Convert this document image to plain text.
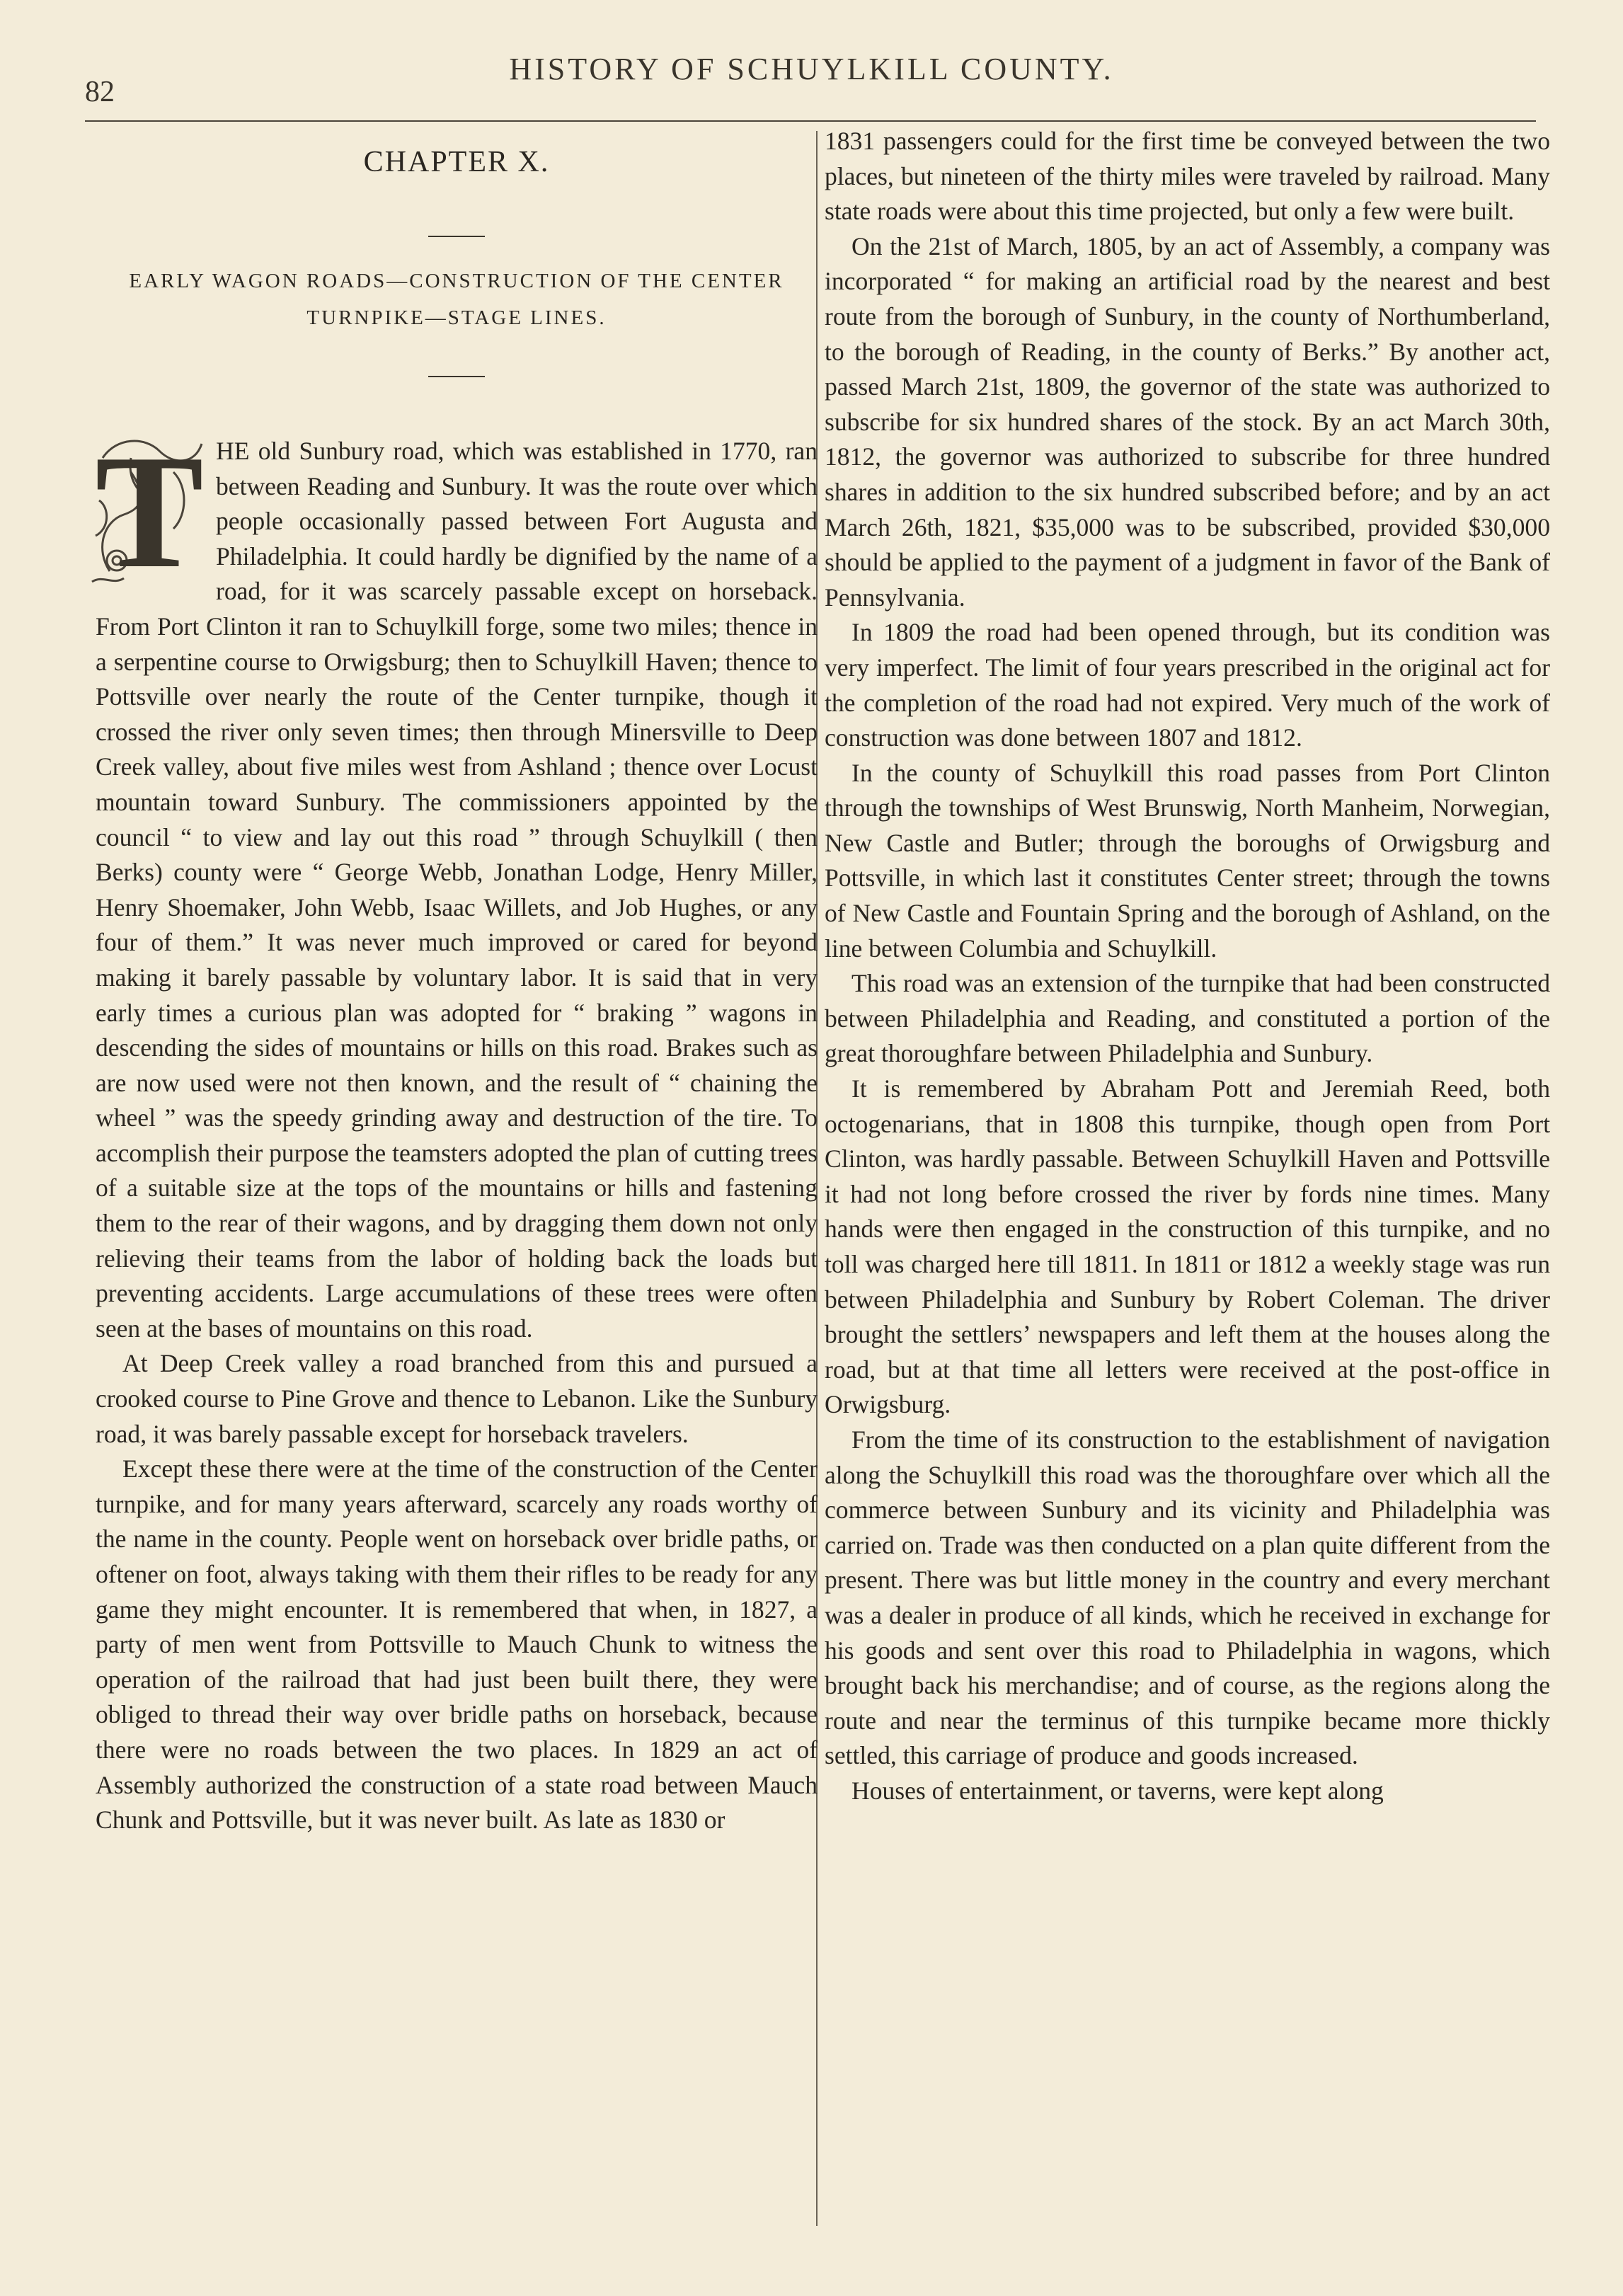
82
HISTORY OF SCHUYLKILL COUNTY.
CHAPTER X.
EARLY WAGON ROADS—CONSTRUCTION OF THE CENTER
TURNPIKE—STAGE LINES.
T HE old Sunbury road, which was established in 1770, ran between Reading and Sunbury. It was the route over which people occasionally passed between Fort Augusta and Philadelphia. It could hardly be dignified by the name of a road, for it was scarcely passable except on horseback. From Port Clinton it ran to Schuylkill forge, some two miles; thence in a serpentine course to Orwigsburg; then to Schuylkill Haven; thence to Pottsville over nearly the route of the Center turnpike, though it crossed the river only seven times; then through Minersville to Deep Creek valley, about five miles west from Ashland ; thence over Locust mountain toward Sunbury. The commissioners appointed by the council “ to view and lay out this road ” through Schuylkill ( then Berks) county were “ George Webb, Jonathan Lodge, Henry Miller, Henry Shoemaker, John Webb, Isaac Willets, and Job Hughes, or any four of them.” It was never much improved or cared for beyond making it barely passable by voluntary labor. It is said that in very early times a curious plan was adopted for “ braking ” wagons in descending the sides of mountains or hills on this road. Brakes such as are now used were not then known, and the result of “ chaining the wheel ” was the speedy grinding away and destruction of the tire. To accomplish their purpose the teamsters adopted the plan of cutting trees of a suitable size at the tops of the mountains or hills and fastening them to the rear of their wagons, and by dragging them down not only relieving their teams from the labor of holding back the loads but preventing accidents. Large accumulations of these trees were often seen at the bases of mountains on this road.

At Deep Creek valley a road branched from this and pursued a crooked course to Pine Grove and thence to Lebanon. Like the Sunbury road, it was barely passable except for horseback travelers.

Except these there were at the time of the construction of the Center turnpike, and for many years afterward, scarcely any roads worthy of the name in the county. People went on horseback over bridle paths, or oftener on foot, always taking with them their rifles to be ready for any game they might encounter. It is remembered that when, in 1827, a party of men went from Pottsville to Mauch Chunk to witness the operation of the railroad that had just been built there, they were obliged to thread their way over bridle paths on horseback, because there were no roads between the two places. In 1829 an act of Assembly authorized the construction of a state road between Mauch Chunk and Pottsville, but it was never built. As late as 1830 or

1831 passengers could for the first time be conveyed between the two places, but nineteen of the thirty miles were traveled by railroad. Many state roads were about this time projected, but only a few were built.

On the 21st of March, 1805, by an act of Assembly, a company was incorporated “ for making an artificial road by the nearest and best route from the borough of Sunbury, in the county of Northumberland, to the borough of Reading, in the county of Berks.” By another act, passed March 21st, 1809, the governor of the state was authorized to subscribe for six hundred shares of the stock. By an act March 30th, 1812, the governor was authorized to subscribe for three hundred shares in addition to the six hundred subscribed before; and by an act March 26th, 1821, $35,000 was to be subscribed, provided $30,000 should be applied to the payment of a judgment in favor of the Bank of Pennsylvania.

In 1809 the road had been opened through, but its condition was very imperfect. The limit of four years prescribed in the original act for the completion of the road had not expired. Very much of the work of construction was done between 1807 and 1812.

In the county of Schuylkill this road passes from Port Clinton through the townships of West Brunswig, North Manheim, Norwegian, New Castle and Butler; through the boroughs of Orwigsburg and Pottsville, in which last it constitutes Center street; through the towns of New Castle and Fountain Spring and the borough of Ashland, on the line between Columbia and Schuylkill.

This road was an extension of the turnpike that had been constructed between Philadelphia and Reading, and constituted a portion of the great thoroughfare between Philadelphia and Sunbury.

It is remembered by Abraham Pott and Jeremiah Reed, both octogenarians, that in 1808 this turnpike, though open from Port Clinton, was hardly passable. Between Schuylkill Haven and Pottsville it had not long before crossed the river by fords nine times. Many hands were then engaged in the construction of this turnpike, and no toll was charged here till 1811. In 1811 or 1812 a weekly stage was run between Philadelphia and Sunbury by Robert Coleman. The driver brought the settlers’ newspapers and left them at the houses along the road, but at that time all letters were received at the post-office in Orwigsburg.

From the time of its construction to the establishment of navigation along the Schuylkill this road was the thoroughfare over which all the commerce between Sunbury and its vicinity and Philadelphia was carried on. Trade was then conducted on a plan quite different from the present. There was but little money in the country and every merchant was a dealer in produce of all kinds, which he received in exchange for his goods and sent over this road to Philadelphia in wagons, which brought back his merchandise; and of course, as the regions along the route and near the terminus of this turnpike became more thickly settled, this carriage of produce and goods increased.

Houses of entertainment, or taverns, were kept along
